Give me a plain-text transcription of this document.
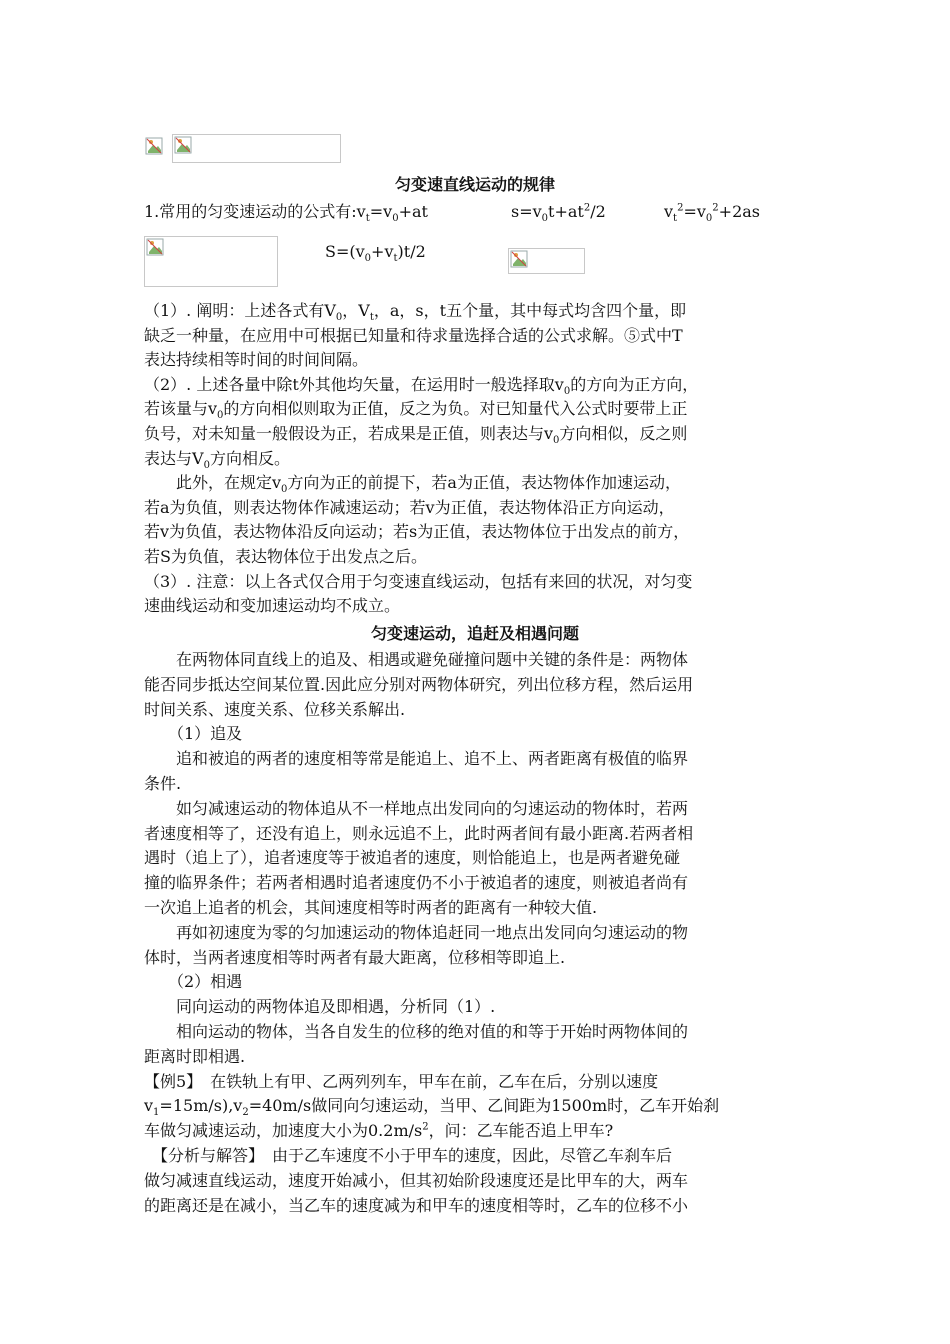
匀变速直线运动的规律
1.常用的匀变速运动的公式有$:v_t=v_0+at$	$s=v_0t+at^2/2$	$v_t^2=v_0^2+2as$
$S=(v_0+v_t)t/2$
（1）. 阐明：上述各式有$V_0$，$V_t$，a，s，t五个量，其中每式均含四个量，即
缺乏一种量，在应用中可根据已知量和待求量选择合适的公式求解。⑤式中T
表达持续相等时间的时间间隔。
（2）. 上述各量中除t外其他均矢量，在运用时一般选择取$v_0$的方向为正方向，
若该量与$v_0$的方向相似则取为正值，反之为负。对已知量代入公式时要带上正
负号，对未知量一般假设为正，若成果是正值，则表达与$v_0$方向相似，反之则
表达与$V_0$方向相反。
　　此外，在规定$v_0$方向为正的前提下，若a为正值，表达物体作加速运动，
若a为负值，则表达物体作减速运动；若v为正值，表达物体沿正方向运动，
若v为负值，表达物体沿反向运动；若s为正值，表达物体位于出发点的前方，
若S为负值，表达物体位于出发点之后。
（3）. 注意：以上各式仅合用于匀变速直线运动，包括有来回的状况，对匀变
速曲线运动和变加速运动均不成立。
匀变速运动，追赶及相遇问题
　　在两物体同直线上的追及、相遇或避免碰撞问题中关键的条件是：两物体
能否同步抵达空间某位置.因此应分别对两物体研究，列出位移方程，然后运用
时间关系、速度关系、位移关系解出.
　　（1）追及
　　追和被追的两者的速度相等常是能追上、追不上、两者距离有极值的临界
条件.
　　如匀减速运动的物体追从不一样地点出发同向的匀速运动的物体时，若两
者速度相等了，还没有追上，则永远追不上，此时两者间有最小距离.若两者相
遇时（追上了），追者速度等于被追者的速度，则恰能追上，也是两者避免碰
撞的临界条件；若两者相遇时追者速度仍不小于被追者的速度，则被追者尚有
一次追上追者的机会，其间速度相等时两者的距离有一种较大值.
　　再如初速度为零的匀加速运动的物体追赶同一地点出发同向匀速运动的物
体时，当两者速度相等时两者有最大距离，位移相等即追上.
　　（2）相遇
　　同向运动的两物体追及即相遇，分析同（1）.
　　相向运动的物体，当各自发生的位移的绝对值的和等于开始时两物体间的
距离时即相遇.
【例5】　在铁轨上有甲、乙两列列车，甲车在前，乙车在后，分别以速度
$v_1=15m/s),v_2=40m/s$做同向匀速运动，当甲、乙间距为1500m时，乙车开始刹
车做匀减速运动，加速度大小为$0.2m/s^2$，问：乙车能否追上甲车?
　【分析与解答】　由于乙车速度不小于甲车的速度，因此，尽管乙车刹车后
做匀减速直线运动，速度开始减小，但其初始阶段速度还是比甲车的大，两车
的距离还是在减小，当乙车的速度减为和甲车的速度相等时，乙车的位移不小
